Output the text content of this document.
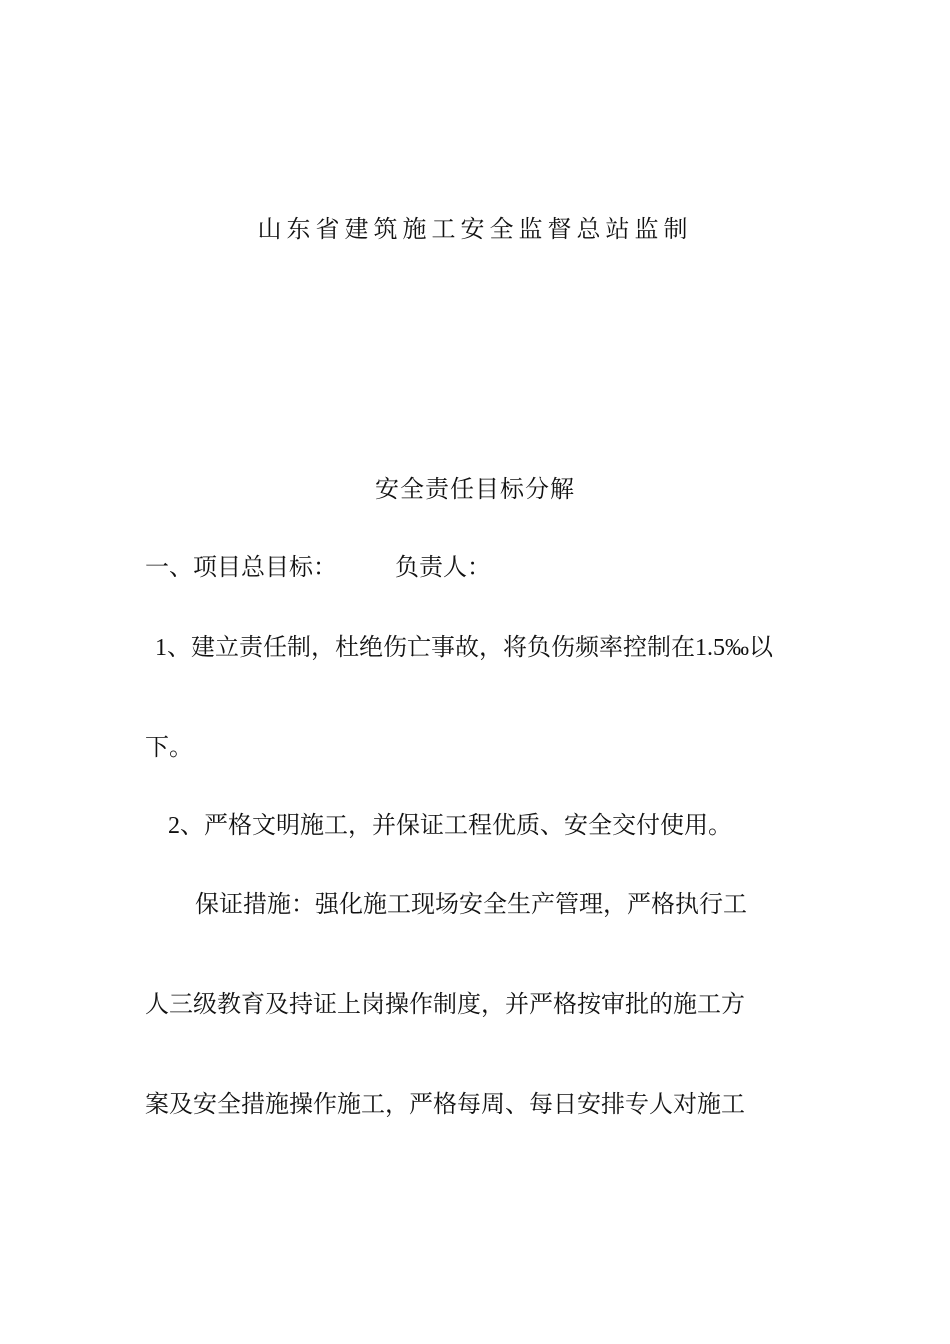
山东省建筑施工安全监督总站监制
安全责任目标分解
一、项目总目标： 负责人：
1、建立责任制，杜绝伤亡事故，将负伤频率控制在1.5‰以
下。
2、严格文明施工，并保证工程优质、安全交付使用。
保证措施：强化施工现场安全生产管理，严格执行工
人三级教育及持证上岗操作制度，并严格按审批的施工方
案及安全措施操作施工，严格每周、每日安排专人对施工
